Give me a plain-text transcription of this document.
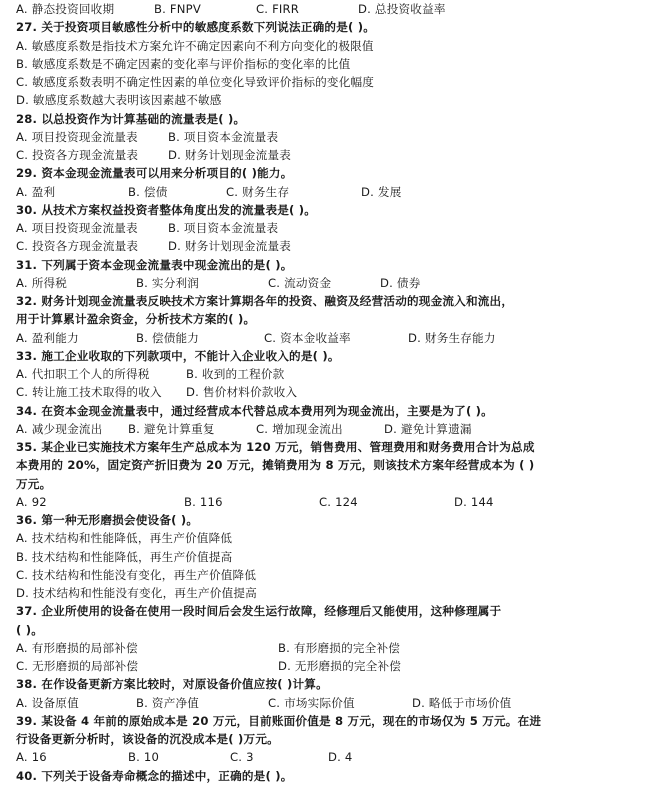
A. 静态投资回收期	B. FNPV	C. FIRR	D. 总投资收益率
27. 关于投资项目敏感性分析中的敏感度系数下列说法正确的是( )。
A. 敏感度系数是指技术方案允许不确定因素向不利方向变化的极限值
B. 敏感度系数是不确定因素的变化率与评价指标的变化率的比值
C. 敏感度系数表明不确定性因素的单位变化导致评价指标的变化幅度
D. 敏感度系数越大表明该因素越不敏感
28. 以总投资作为计算基础的流量表是( )。
A. 项目投资现金流量表	B. 项目资本金流量表
C. 投资各方现金流量表	D. 财务计划现金流量表
29. 资本金现金流量表可以用来分析项目的( )能力。
A. 盈利	B. 偿债	C. 财务生存	D. 发展
30. 从技术方案权益投资者整体角度出发的流量表是( )。
A. 项目投资现金流量表	B. 项目资本金流量表
C. 投资各方现金流量表	D. 财务计划现金流量表
31. 下列属于资本金现金流量表中现金流出的是( )。
A. 所得税	B. 实分利润	C. 流动资金	D. 债券
32. 财务计划现金流量表反映技术方案计算期各年的投资、融资及经营活动的现金流入和流出，
用于计算累计盈余资金，分析技术方案的( )。
A. 盈利能力	B. 偿债能力	C. 资本金收益率	D. 财务生存能力
33. 施工企业收取的下列款项中，不能计入企业收入的是( )。
A. 代扣职工个人的所得税	B. 收到的工程价款
C. 转让施工技术取得的收入	D. 售价材料价款收入
34. 在资本金现金流量表中，通过经营成本代替总成本费用列为现金流出，主要是为了( )。
A. 减少现金流出	B. 避免计算重复	C. 增加现金流出	D. 避免计算遗漏
35. 某企业已实施技术方案年生产总成本为 120 万元，销售费用、管理费用和财务费用合计为总成
本费用的 20%，固定资产折旧费为 20 万元，摊销费用为 8 万元，则该技术方案年经营成本为 ( )
万元。
A. 92	B. 116	C. 124	D. 144
36. 第一种无形磨损会使设备( )。
A. 技术结构和性能降低，再生产价值降低
B. 技术结构和性能降低，再生产价值提高
C. 技术结构和性能没有变化，再生产价值降低
D. 技术结构和性能没有变化，再生产价值提高
37. 企业所使用的设备在使用一段时间后会发生运行故障，经修理后又能使用，这种修理属于
( )。
A. 有形磨损的局部补偿	B. 有形磨损的完全补偿
C. 无形磨损的局部补偿	D. 无形磨损的完全补偿
38. 在作设备更新方案比较时，对原设备价值应按( )计算。
A. 设备原值	B. 资产净值	C. 市场实际价值	D. 略低于市场价值
39. 某设备 4 年前的原始成本是 20 万元，目前账面价值是 8 万元，现在的市场仅为 5 万元。在进
行设备更新分析时，该设备的沉没成本是( )万元。
A. 16	B. 10	C. 3	D. 4
40. 下列关于设备寿命概念的描述中，正确的是( )。
